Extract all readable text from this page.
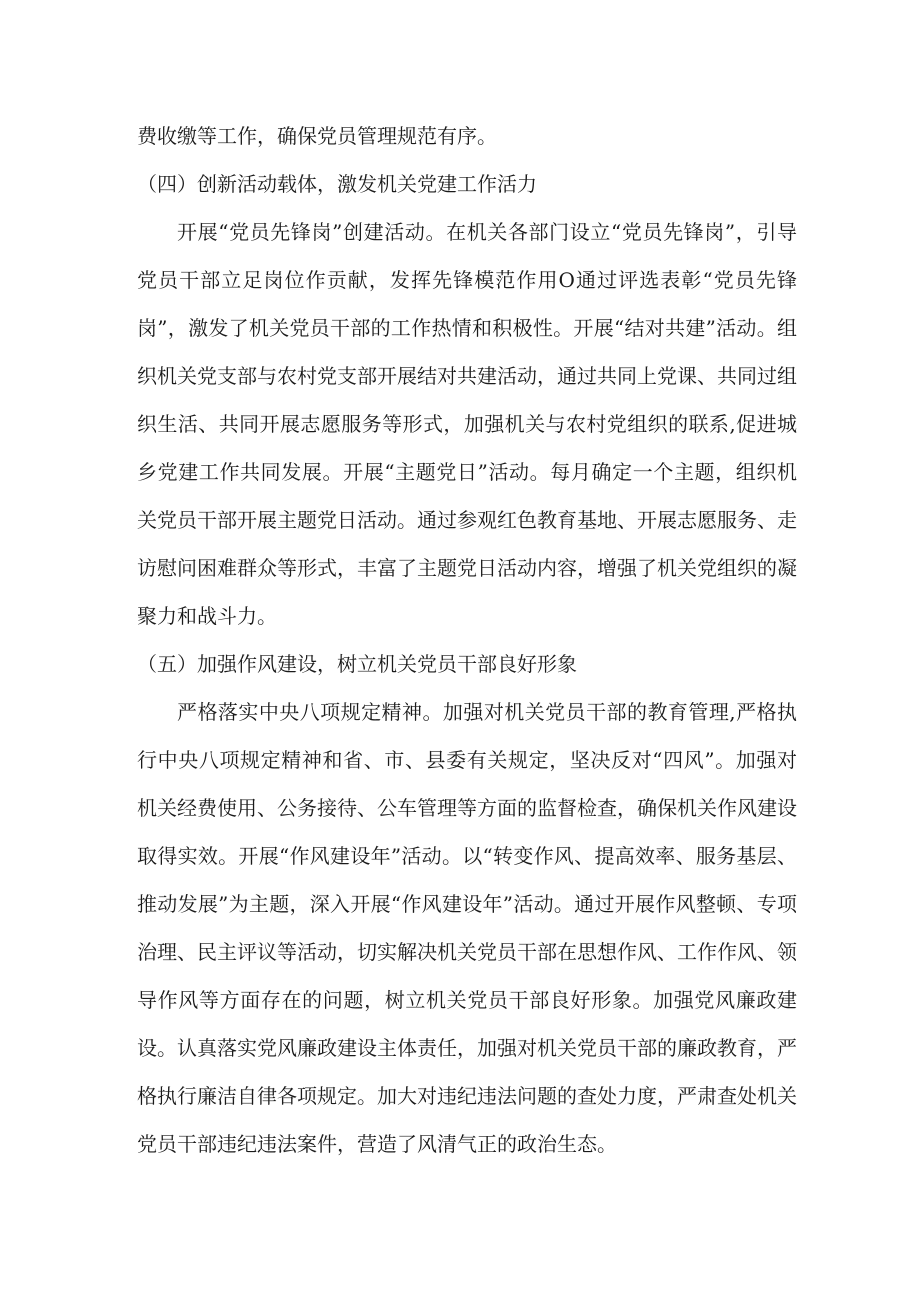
费收缴等工作，确保党员管理规范有序。

（四）创新活动载体，激发机关党建工作活力

开展“党员先锋岗”创建活动。在机关各部门设立“党员先锋岗”，引导党员干部立足岗位作贡献，发挥先锋模范作用O通过评选表彰“党员先锋岗”，激发了机关党员干部的工作热情和积极性。开展“结对共建”活动。组织机关党支部与农村党支部开展结对共建活动，通过共同上党课、共同过组织生活、共同开展志愿服务等形式，加强机关与农村党组织的联系,促进城乡党建工作共同发展。开展“主题党日”活动。每月确定一个主题，组织机关党员干部开展主题党日活动。通过参观红色教育基地、开展志愿服务、走访慰问困难群众等形式，丰富了主题党日活动内容，增强了机关党组织的凝聚力和战斗力。

（五）加强作风建设，树立机关党员干部良好形象

严格落实中央八项规定精神。加强对机关党员干部的教育管理,严格执行中央八项规定精神和省、市、县委有关规定，坚决反对“四风”。加强对机关经费使用、公务接待、公车管理等方面的监督检查，确保机关作风建设取得实效。开展“作风建设年”活动。以“转变作风、提高效率、服务基层、推动发展”为主题，深入开展“作风建设年”活动。通过开展作风整顿、专项治理、民主评议等活动，切实解决机关党员干部在思想作风、工作作风、领导作风等方面存在的问题，树立机关党员干部良好形象。加强党风廉政建设。认真落实党风廉政建设主体责任，加强对机关党员干部的廉政教育，严格执行廉洁自律各项规定。加大对违纪违法问题的查处力度，严肃查处机关党员干部违纪违法案件，营造了风清气正的政治生态。
